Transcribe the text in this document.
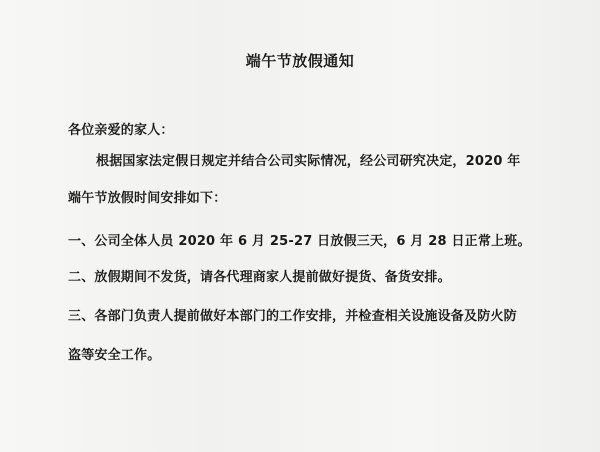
端午节放假通知
各位亲爱的家人：
根据国家法定假日规定并结合公司实际情况，经公司研究决定，2020 年
端午节放假时间安排如下：
一、公司全体人员 2020 年 6 月 25-27 日放假三天，6 月 28 日正常上班。
二、放假期间不发货，请各代理商家人提前做好提货、备货安排。
三、各部门负责人提前做好本部门的工作安排，并检查相关设施设备及防火防
盗等安全工作。
